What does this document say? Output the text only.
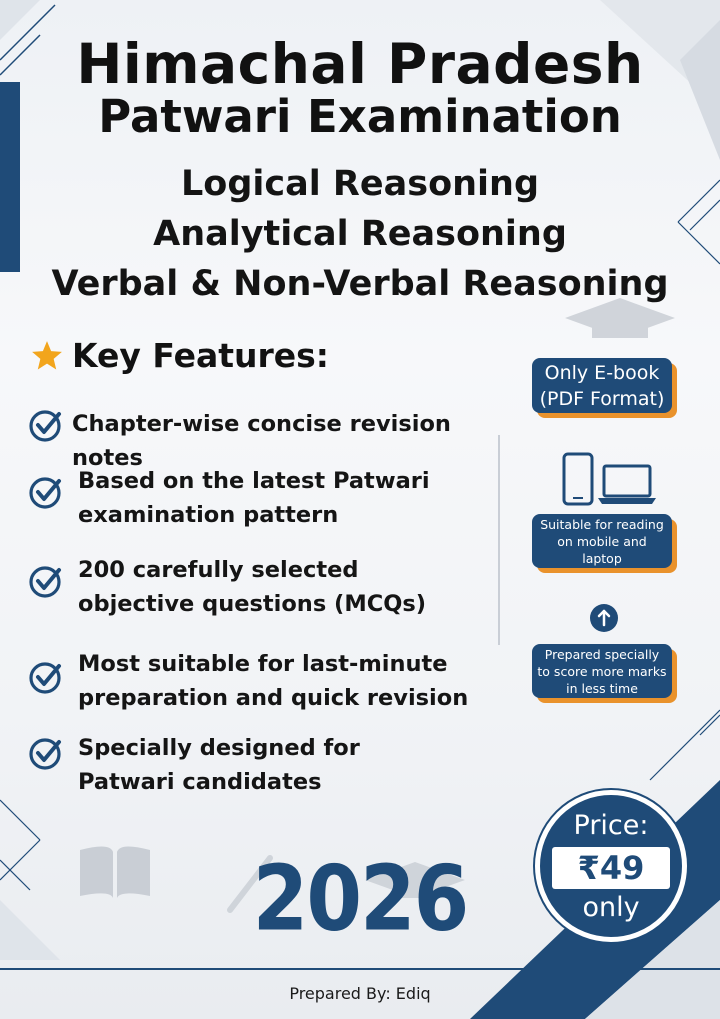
Himachal Pradesh
Patwari Examination
Logical Reasoning
Analytical Reasoning
Verbal & Non-Verbal Reasoning
Key Features:
Chapter-wise concise revision notes
Based on the latest Patwari examination pattern
200 carefully selected objective questions (MCQs)
Most suitable for last-minute preparation and quick revision
Specially designed for Patwari candidates
Only E-book
(PDF Format)
Suitable for reading
on mobile and
laptop
Prepared specially
to score more marks
in less time
2026
Price:
₹49
only
Prepared By: Ediq
